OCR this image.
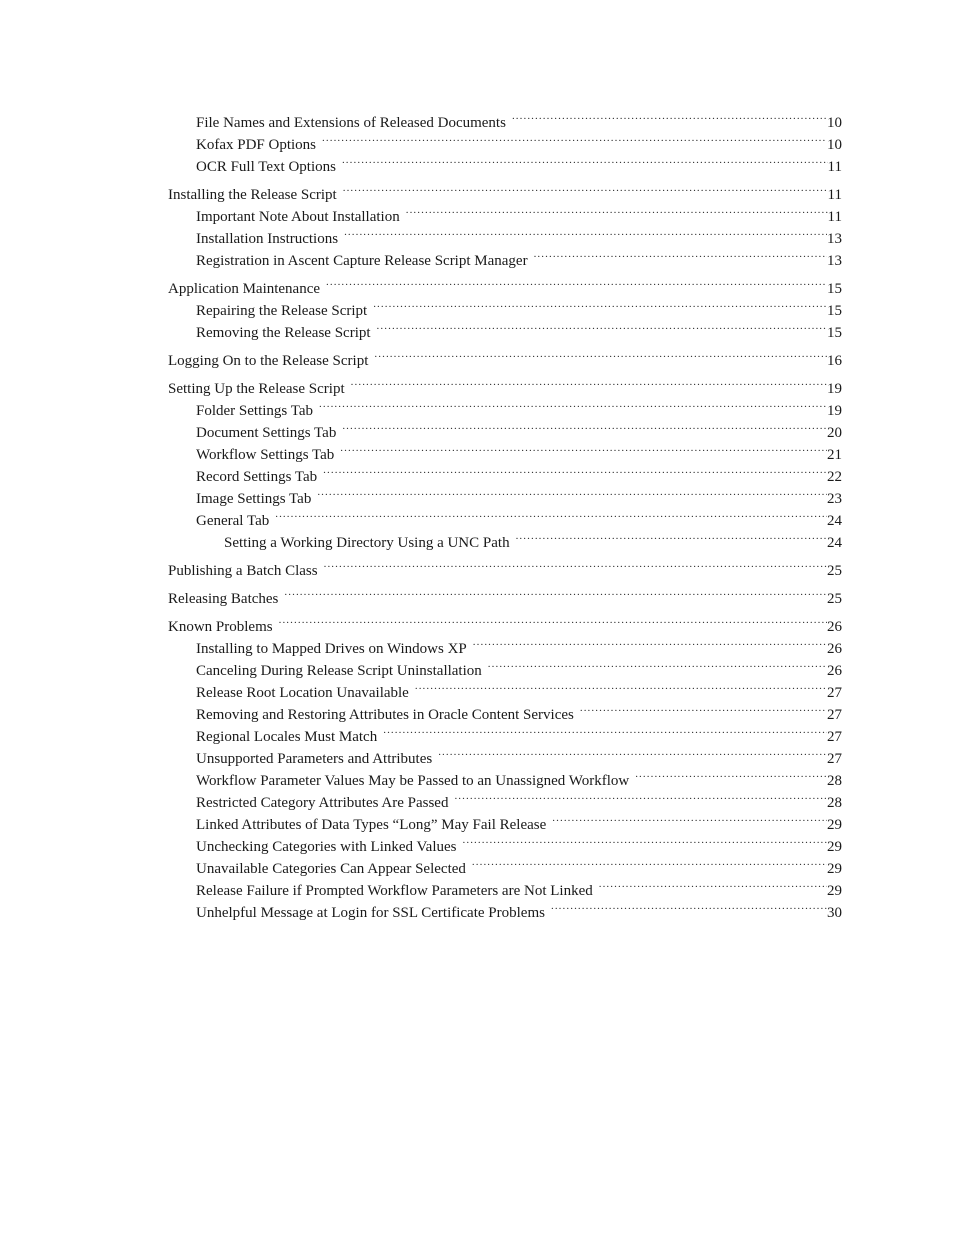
File Names and Extensions of Released Documents .....	10
Kofax PDF Options .....	10
OCR Full Text Options .....	11
Installing the Release Script .....	11
Important Note About Installation .....	11
Installation Instructions .....	13
Registration in Ascent Capture Release Script Manager .....	13
Application Maintenance .....	15
Repairing the Release Script .....	15
Removing the Release Script .....	15
Logging On to the Release Script .....	16
Setting Up the Release Script .....	19
Folder Settings Tab .....	19
Document Settings Tab .....	20
Workflow Settings Tab .....	21
Record Settings Tab .....	22
Image Settings Tab .....	23
General Tab .....	24
Setting a Working Directory Using a UNC Path .....	24
Publishing a Batch Class .....	25
Releasing Batches .....	25
Known Problems .....	26
Installing to Mapped Drives on Windows XP .....	26
Canceling During Release Script Uninstallation .....	26
Release Root Location Unavailable .....	27
Removing and Restoring Attributes in Oracle Content Services .....	27
Regional Locales Must Match .....	27
Unsupported Parameters and Attributes .....	27
Workflow Parameter Values May be Passed to an Unassigned Workflow .....	28
Restricted Category Attributes Are Passed .....	28
Linked Attributes of Data Types “Long” May Fail Release .....	29
Unchecking Categories with Linked Values .....	29
Unavailable Categories Can Appear Selected .....	29
Release Failure if Prompted Workflow Parameters are Not Linked .....	29
Unhelpful Message at Login for SSL Certificate Problems .....	30
